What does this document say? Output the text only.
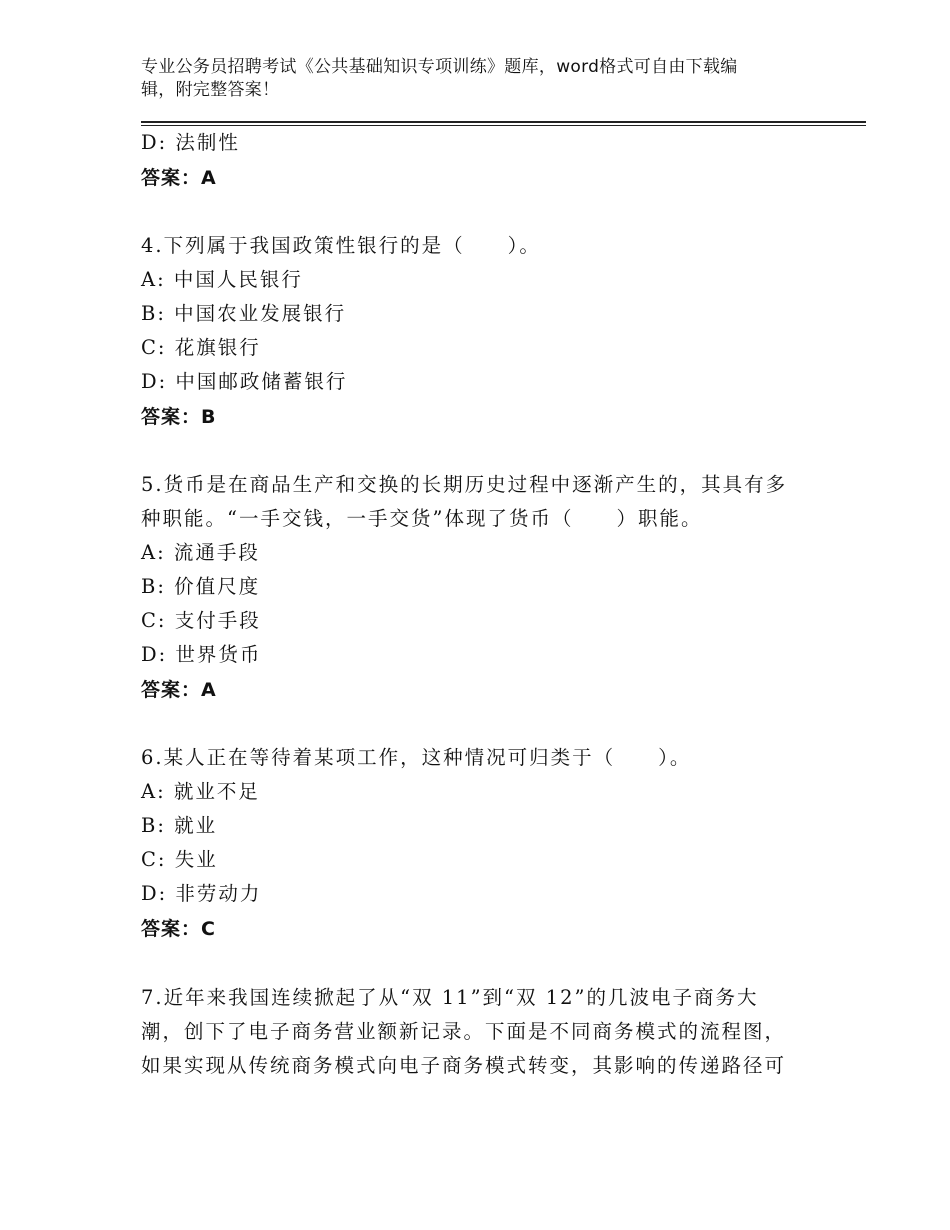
专业公务员招聘考试《公共基础知识专项训练》题库，word格式可自由下载编
辑，附完整答案！
D: 法制性
答案：A
4.下列属于我国政策性银行的是（　　）。
A: 中国人民银行
B: 中国农业发展银行
C: 花旗银行
D: 中国邮政储蓄银行
答案：B
5.货币是在商品生产和交换的长期历史过程中逐渐产生的，其具有多
种职能。“一手交钱，一手交货”体现了货币（　　）职能。
A: 流通手段
B: 价值尺度
C: 支付手段
D: 世界货币
答案：A
6.某人正在等待着某项工作，这种情况可归类于（　　）。
A: 就业不足
B: 就业
C: 失业
D: 非劳动力
答案：C
7.近年来我国连续掀起了从“双 11”到“双 12”的几波电子商务大
潮，创下了电子商务营业额新记录。下面是不同商务模式的流程图，
如果实现从传统商务模式向电子商务模式转变，其影响的传递路径可
